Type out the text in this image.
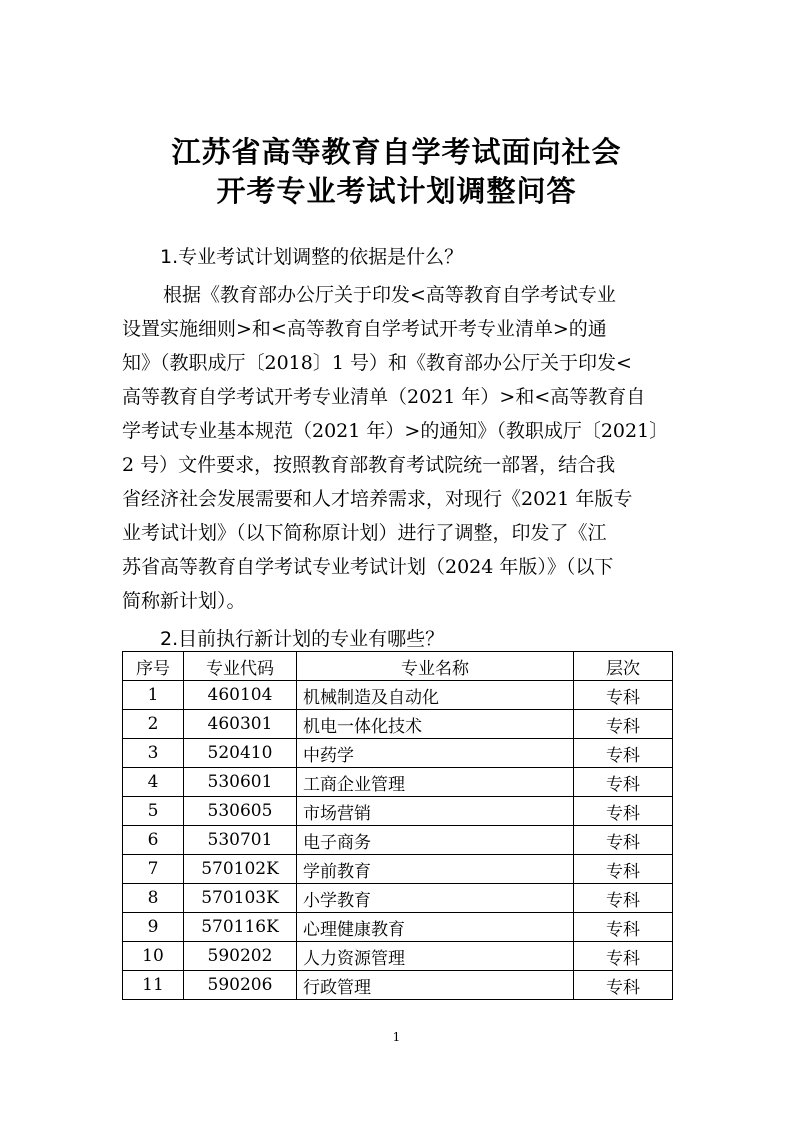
江苏省高等教育自学考试面向社会
开考专业考试计划调整问答
1.专业考试计划调整的依据是什么？
根据《教育部办公厅关于印发<高等教育自学考试专业
设置实施细则>和<高等教育自学考试开考专业清单>的通
知》（教职成厅〔2018〕1 号）和《教育部办公厅关于印发<
高等教育自学考试开考专业清单（2021 年）>和<高等教育自
学考试专业基本规范（2021 年）>的通知》（教职成厅〔2021〕
2 号）文件要求，按照教育部教育考试院统一部署，结合我
省经济社会发展需要和人才培养需求，对现行《2021 年版专
业考试计划》（以下简称原计划）进行了调整，印发了《江
苏省高等教育自学考试专业考试计划（2024 年版）》（以下
简称新计划）。
2.目前执行新计划的专业有哪些？
序号	专业代码	专业名称	层次
1	460104	机械制造及自动化	专科
2	460301	机电一体化技术	专科
3	520410	中药学	专科
4	530601	工商企业管理	专科
5	530605	市场营销	专科
6	530701	电子商务	专科
7	570102K	学前教育	专科
8	570103K	小学教育	专科
9	570116K	心理健康教育	专科
10	590202	人力资源管理	专科
11	590206	行政管理	专科
1
